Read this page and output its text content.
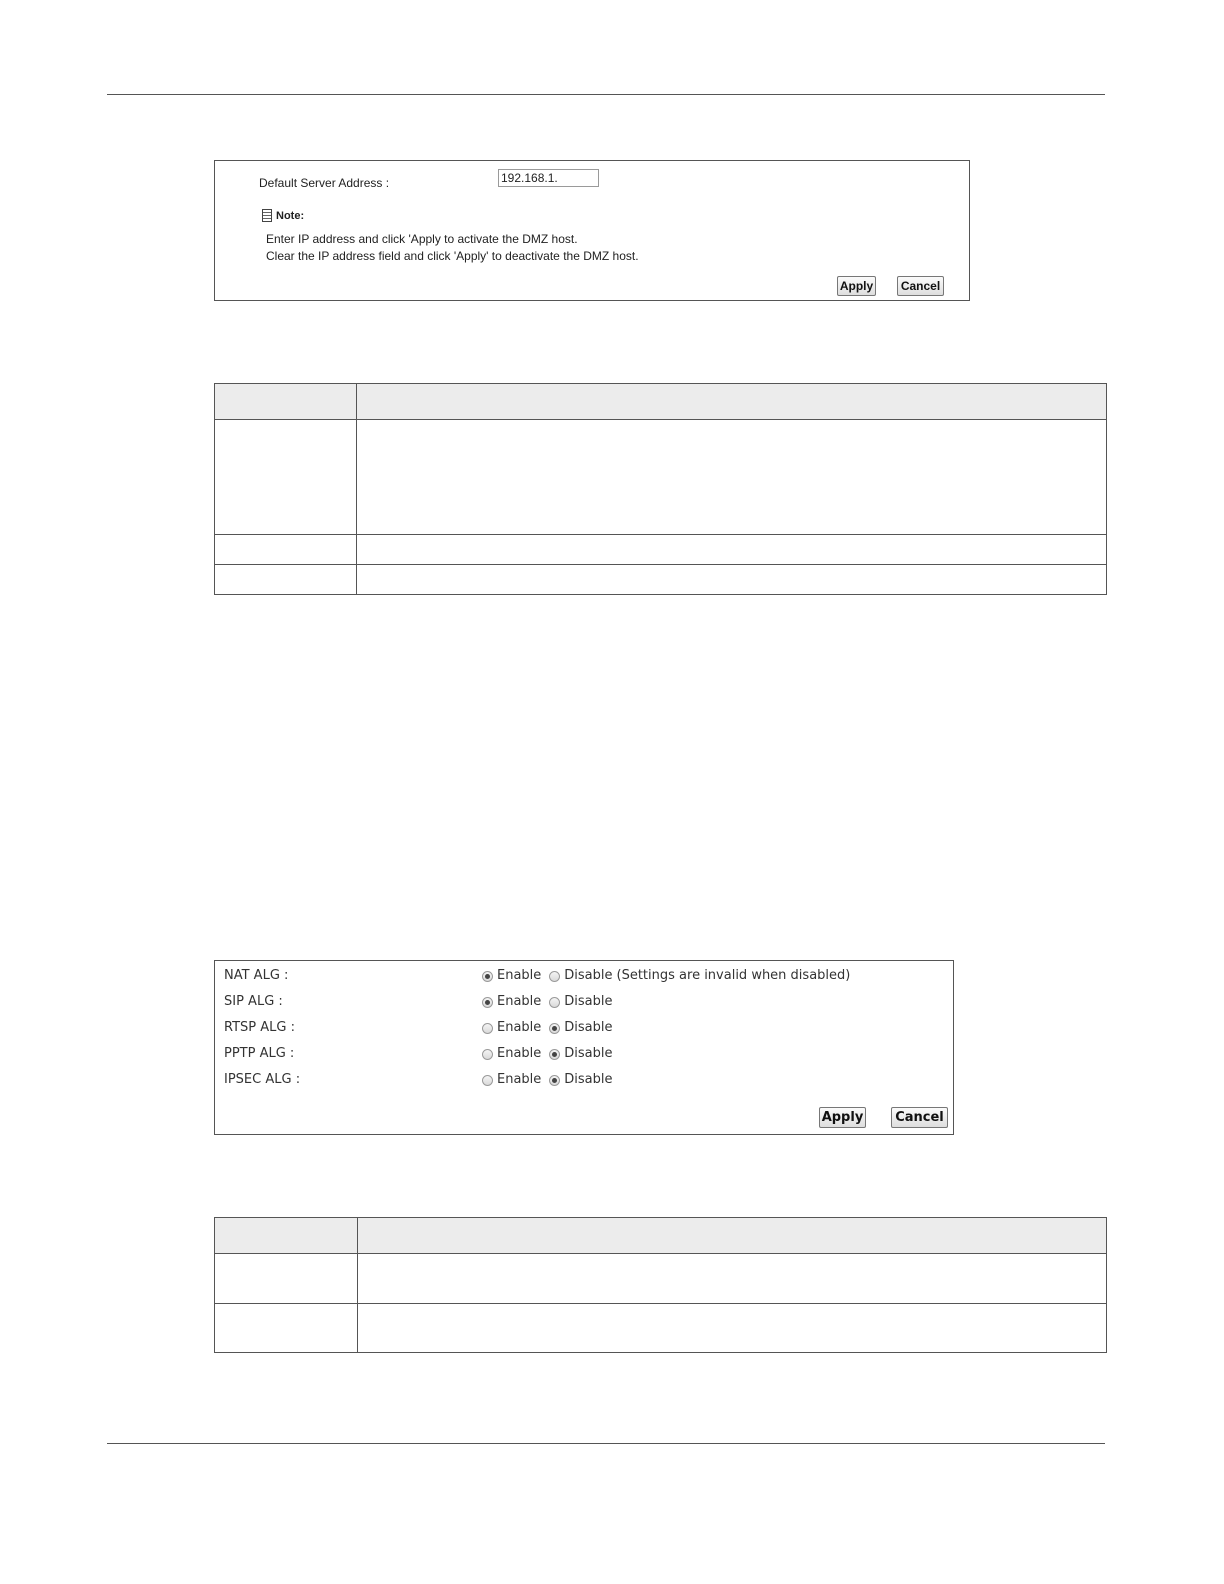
Default Server Address :
192.168.1.
Note:
Enter IP address and click 'Apply to activate the DMZ host.
Clear the IP address field and click 'Apply' to deactivate the DMZ host.
Apply	Cancel

NAT ALG :	Enable Disable (Settings are invalid when disabled)
SIP ALG :	Enable Disable
RTSP ALG :	Enable Disable
PPTP ALG :	Enable Disable
IPSEC ALG :	Enable Disable
Apply	Cancel
